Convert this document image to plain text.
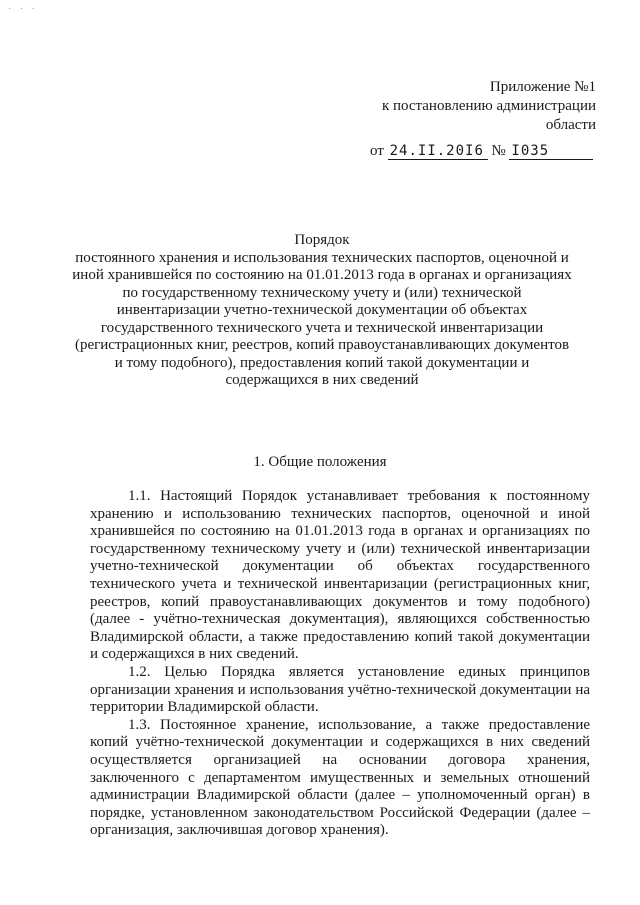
· · ·
Приложение №1
к постановлению администрации
области
от 24.II.20I6 № I035
Порядок
постоянного хранения и использования технических паспортов, оценочной и иной хранившейся по состоянию на 01.01.2013 года в органах и организациях по государственному техническому учету и (или) технической инвентаризации учетно-технической документации об объектах государственного технического учета и технической инвентаризации (регистрационных книг, реестров, копий правоустанавливающих документов и тому подобного), предоставления копий такой документации и содержащихся в них сведений
1. Общие положения

1.1. Настоящий Порядок устанавливает требования к постоянному хранению и использованию технических паспортов, оценочной и иной хранившейся по состоянию на 01.01.2013 года в органах и организациях по государственному техническому учету и (или) технической инвентаризации учетно-технической документации об объектах государственного технического учета и технической инвентаризации (регистрационных книг, реестров, копий правоустанавливающих документов и тому подобного) (далее - учётно-техническая документация), являющихся собственностью Владимирской области, а также предоставлению копий такой документации и содержащихся в них сведений.

1.2. Целью Порядка является установление единых принципов организации хранения и использования учётно-технической документации на территории Владимирской области.

1.3. Постоянное хранение, использование, а также предоставление копий учётно-технической документации и содержащихся в них сведений осуществляется организацией на основании договора хранения, заключенного с департаментом имущественных и земельных отношений администрации Владимирской области (далее – уполномоченный орган) в порядке, установленном законодательством Российской Федерации (далее – организация, заключившая договор хранения).
